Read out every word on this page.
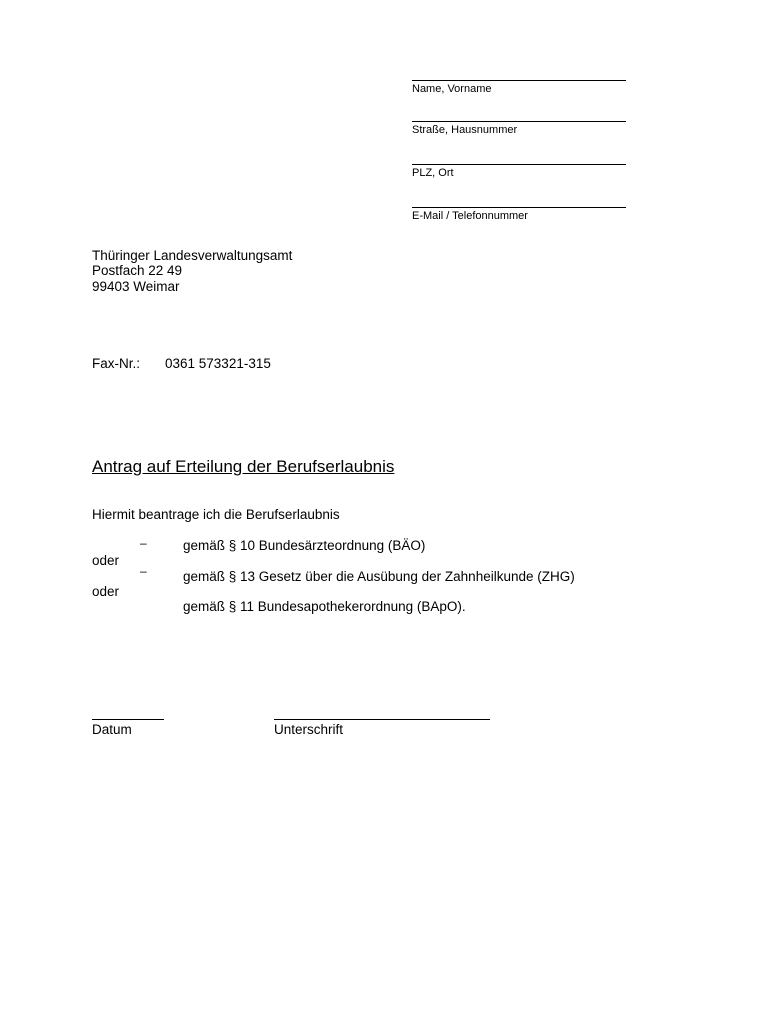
Name, Vorname
Straße, Hausnummer
PLZ, Ort
E-Mail / Telefonnummer
Thüringer Landesverwaltungsamt
Postfach 22 49
99403 Weimar
Fax-Nr.: 0361 573321-315
Antrag auf Erteilung der Berufserlaubnis
Hiermit beantrage ich die Berufserlaubnis
–	gemäß § 10 Bundesärzteordnung (BÄO)
oder
–	gemäß § 13 Gesetz über die Ausübung der Zahnheilkunde (ZHG)
oder
gemäß § 11 Bundesapothekerordnung (BApO).
Datum	Unterschrift
